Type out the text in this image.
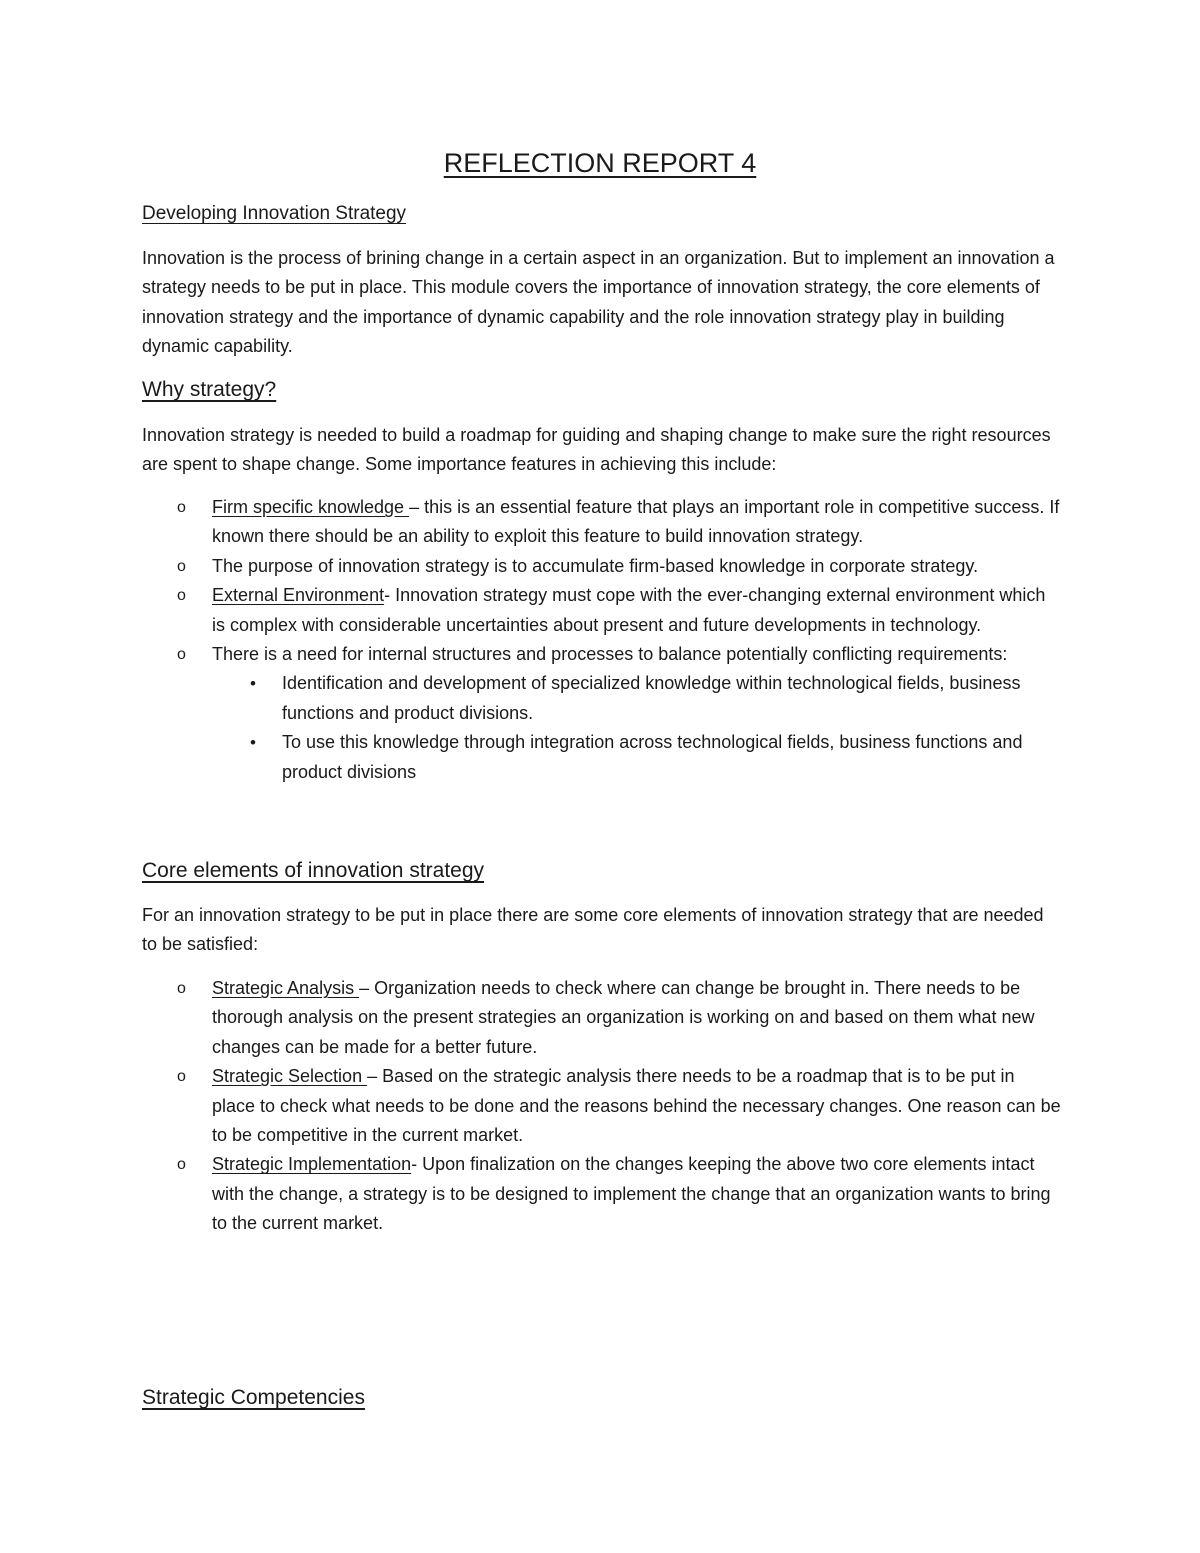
REFLECTION REPORT 4
Developing Innovation Strategy

Innovation is the process of brining change in a certain aspect in an organization. But to implement an innovation a strategy needs to be put in place. This module covers the importance of innovation strategy, the core elements of innovation strategy and the importance of dynamic capability and the role innovation strategy play in building dynamic capability.

Why strategy?

Innovation strategy is needed to build a roadmap for guiding and shaping change to make sure the right resources are spent to shape change. Some importance features in achieving this include:

o	Firm specific knowledge – this is an essential feature that plays an important role in competitive success. If known there should be an ability to exploit this feature to build innovation strategy.
o	The purpose of innovation strategy is to accumulate firm-based knowledge in corporate strategy.
o	External Environment- Innovation strategy must cope with the ever-changing external environment which is complex with considerable uncertainties about present and future developments in technology.
o	There is a need for internal structures and processes to balance potentially conflicting requirements:
•	Identification and development of specialized knowledge within technological fields, business functions and product divisions.
•	To use this knowledge through integration across technological fields, business functions and product divisions
Core elements of innovation strategy

For an innovation strategy to be put in place there are some core elements of innovation strategy that are needed to be satisfied:

o	Strategic Analysis – Organization needs to check where can change be brought in. There needs to be thorough analysis on the present strategies an organization is working on and based on them what new changes can be made for a better future.
o	Strategic Selection – Based on the strategic analysis there needs to be a roadmap that is to be put in place to check what needs to be done and the reasons behind the necessary changes. One reason can be to be competitive in the current market.
o	Strategic Implementation- Upon finalization on the changes keeping the above two core elements intact with the change, a strategy is to be designed to implement the change that an organization wants to bring to the current market.
Strategic Competencies
